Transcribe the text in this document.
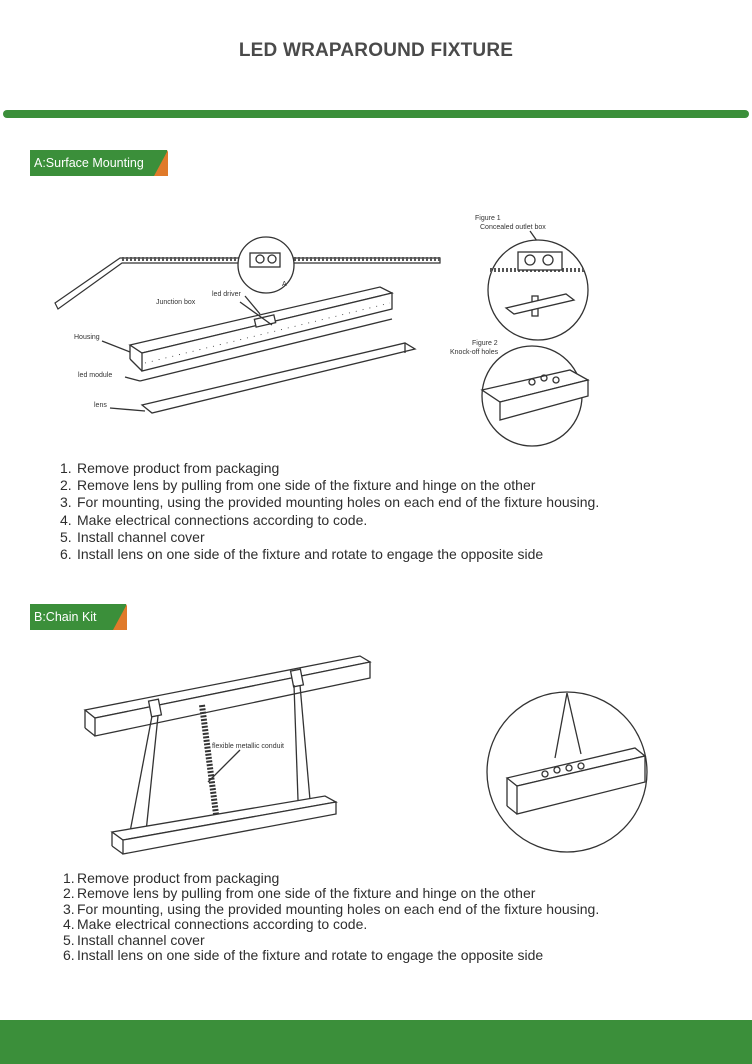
LED WRAPAROUND FIXTURE
A:Surface Mounting
A
led driver
Junction box
Housing
led module
lens
Figure 1
Concealed outlet box
Figure 2
Knock-off holes
1. Remove product from packaging
2. Remove lens by pulling from one side of the fixture and hinge on the other
3. For mounting, using the provided mounting holes on each end of the fixture housing.
4. Make electrical connections according to code.
5. Install channel cover
6. Install lens on one side of the fixture and rotate to engage the opposite side
B:Chain Kit
flexible metallic conduit
1. Remove product from packaging
2. Remove lens by pulling from one side of the fixture and hinge on the other
3. For mounting, using the provided mounting holes on each end of the fixture housing.
4. Make electrical connections according to code.
5. Install channel cover
6. Install lens on one side of the fixture and rotate to engage the opposite side
